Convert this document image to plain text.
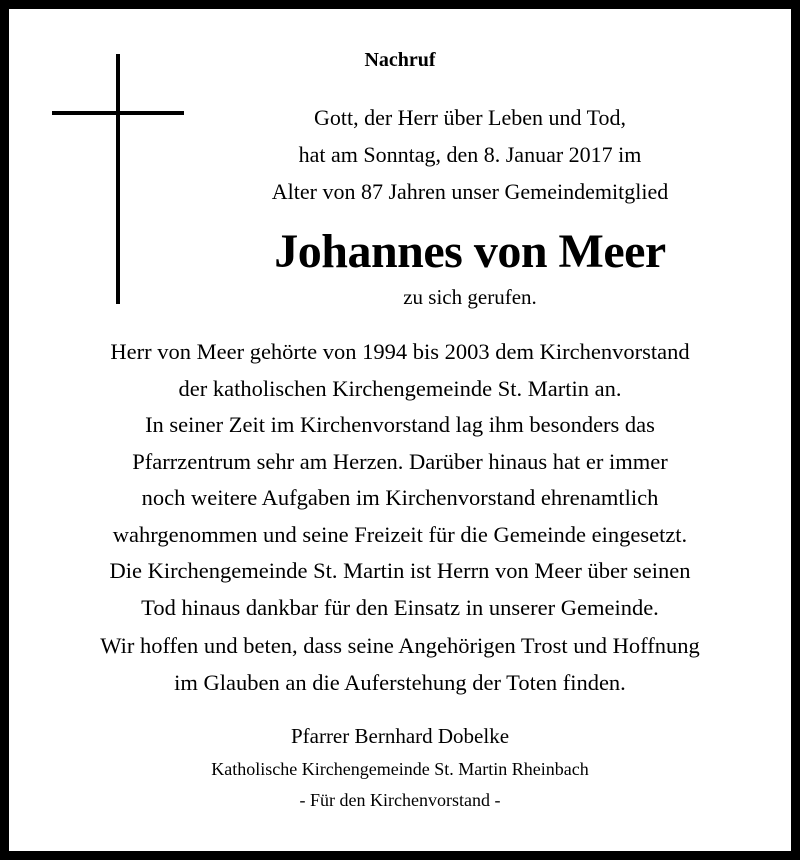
Nachruf
Gott, der Herr über Leben und Tod,
hat am Sonntag, den 8. Januar 2017 im
Alter von 87 Jahren unser Gemeindemitglied
Johannes von Meer
zu sich gerufen.
Herr von Meer gehörte von 1994 bis 2003 dem Kirchenvorstand
der katholischen Kirchengemeinde St. Martin an.
In seiner Zeit im Kirchenvorstand lag ihm besonders das
Pfarrzentrum sehr am Herzen. Darüber hinaus hat er immer
noch weitere Aufgaben im Kirchenvorstand ehrenamtlich
wahrgenommen und seine Freizeit für die Gemeinde eingesetzt.
Die Kirchengemeinde St. Martin ist Herrn von Meer über seinen
Tod hinaus dankbar für den Einsatz in unserer Gemeinde.
Wir hoffen und beten, dass seine Angehörigen Trost und Hoffnung
im Glauben an die Auferstehung der Toten finden.
Pfarrer Bernhard Dobelke
Katholische Kirchengemeinde St. Martin Rheinbach
- Für den Kirchenvorstand -
